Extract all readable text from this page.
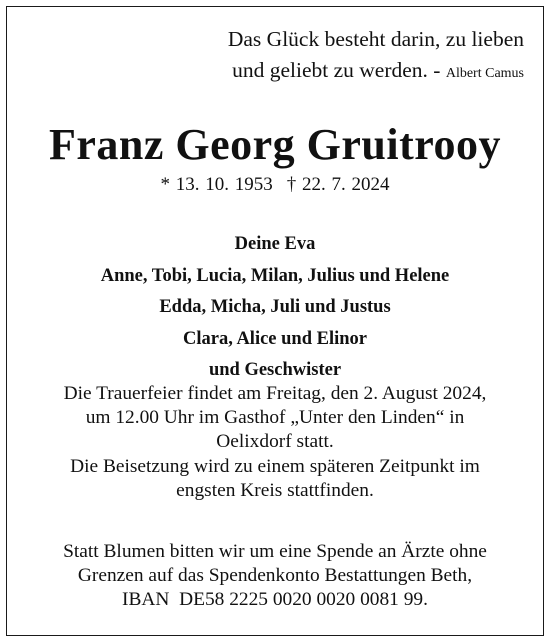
Das Glück besteht darin, zu lieben
und geliebt zu werden. - Albert Camus
Franz Georg Gruitrooy
* 13. 10. 1953 † 22. 7. 2024
Deine Eva
Anne, Tobi, Lucia, Milan, Julius und Helene
Edda, Micha, Juli und Justus
Clara, Alice und Elinor
und Geschwister
Die Trauerfeier findet am Freitag, den 2. August 2024,
um 12.00 Uhr im Gasthof „Unter den Linden“ in
Oelixdorf statt.
Die Beisetzung wird zu einem späteren Zeitpunkt im
engsten Kreis stattfinden.
Statt Blumen bitten wir um eine Spende an Ärzte ohne
Grenzen auf das Spendenkonto Bestattungen Beth,
IBAN  DE58 2225 0020 0020 0081 99.
